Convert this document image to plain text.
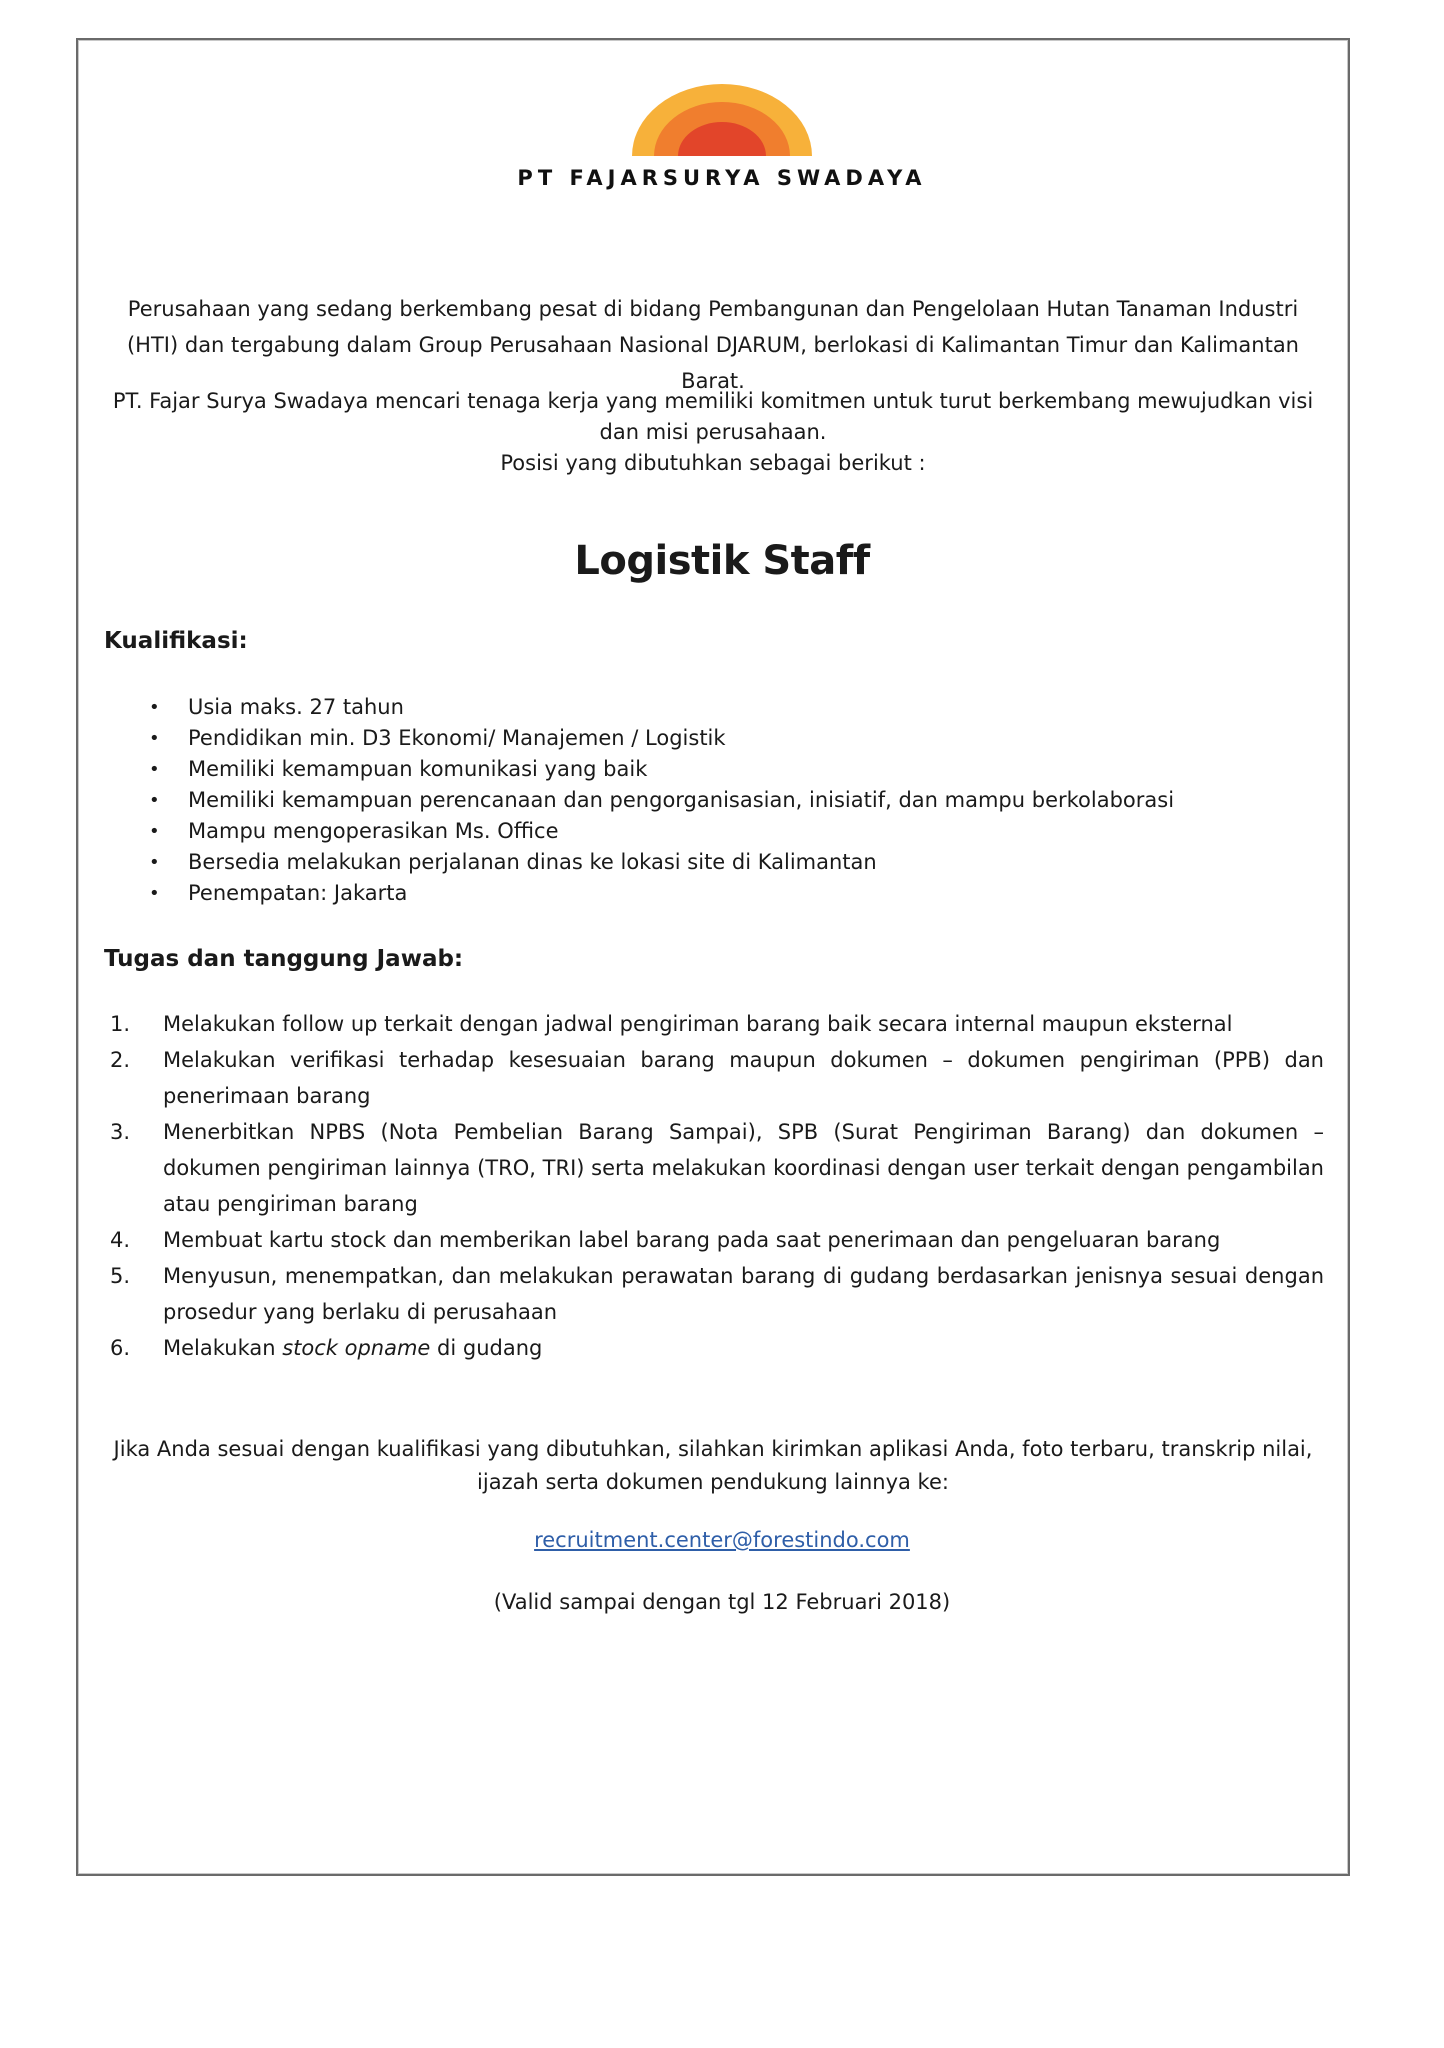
PT FAJARSURYA SWADAYA
Perusahaan yang sedang berkembang pesat di bidang Pembangunan dan Pengelolaan Hutan Tanaman Industri (HTI) dan tergabung dalam Group Perusahaan Nasional DJARUM, berlokasi di Kalimantan Timur dan Kalimantan Barat.
PT. Fajar Surya Swadaya mencari tenaga kerja yang memiliki komitmen untuk turut berkembang mewujudkan visi dan misi perusahaan.
Posisi yang dibutuhkan sebagai berikut :
Logistik Staff
Kualifikasi:
• Usia maks. 27 tahun
• Pendidikan min. D3 Ekonomi/ Manajemen / Logistik
• Memiliki kemampuan komunikasi yang baik
• Memiliki kemampuan perencanaan dan pengorganisasian, inisiatif, dan mampu berkolaborasi
• Mampu mengoperasikan Ms. Office
• Bersedia melakukan perjalanan dinas ke lokasi site di Kalimantan
• Penempatan: Jakarta
Tugas dan tanggung Jawab:
1. Melakukan follow up terkait dengan jadwal pengiriman barang baik secara internal maupun eksternal
2. Melakukan verifikasi terhadap kesesuaian barang maupun dokumen – dokumen pengiriman (PPB) dan penerimaan barang
3. Menerbitkan NPBS (Nota Pembelian Barang Sampai), SPB (Surat Pengiriman Barang) dan dokumen – dokumen pengiriman lainnya (TRO, TRI) serta melakukan koordinasi dengan user terkait dengan pengambilan atau pengiriman barang
4. Membuat kartu stock dan memberikan label barang pada saat penerimaan dan pengeluaran barang
5. Menyusun, menempatkan, dan melakukan perawatan barang di gudang berdasarkan jenisnya sesuai dengan prosedur yang berlaku di perusahaan
6. Melakukan stock opname di gudang
Jika Anda sesuai dengan kualifikasi yang dibutuhkan, silahkan kirimkan aplikasi Anda, foto terbaru, transkrip nilai, ijazah serta dokumen pendukung lainnya ke:
recruitment.center@forestindo.com
(Valid sampai dengan tgl 12 Februari 2018)
